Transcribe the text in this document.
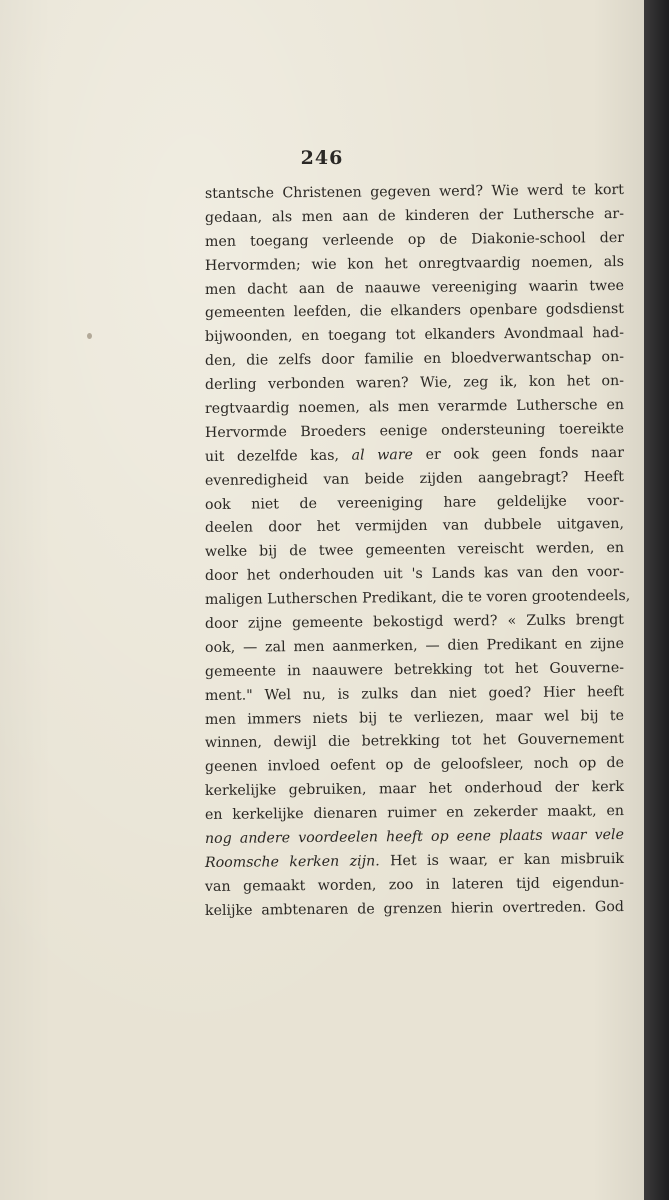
246
stantsche Christenen gegeven werd? Wie werd te kort
gedaan, als men aan de kinderen der Luthersche ar-
men toegang verleende op de Diakonie-school der
Hervormden; wie kon het onregtvaardig noemen, als
men dacht aan de naauwe vereeniging waarin twee
gemeenten leefden, die elkanders openbare godsdienst
bijwoonden, en toegang tot elkanders Avondmaal had-
den, die zelfs door familie en bloedverwantschap on-
derling verbonden waren? Wie, zeg ik, kon het on-
regtvaardig noemen, als men verarmde Luthersche en
Hervormde Broeders eenige ondersteuning toereikte
uit dezelfde kas, al ware er ook geen fonds naar
evenredigheid van beide zijden aangebragt? Heeft
ook niet de vereeniging hare geldelijke voor-
deelen door het vermijden van dubbele uitgaven,
welke bij de twee gemeenten vereischt werden, en
door het onderhouden uit 's Lands kas van den voor-
maligen Lutherschen Predikant, die te voren grootendeels,
door zijne gemeente bekostigd werd? « Zulks brengt
ook, — zal men aanmerken, — dien Predikant en zijne
gemeente in naauwere betrekking tot het Gouverne-
ment." Wel nu, is zulks dan niet goed? Hier heeft
men immers niets bij te verliezen, maar wel bij te
winnen, dewijl die betrekking tot het Gouvernement
geenen invloed oefent op de geloofsleer, noch op de
kerkelijke gebruiken, maar het onderhoud der kerk
en kerkelijke dienaren ruimer en zekerder maakt, en
nog andere voordeelen heeft op eene plaats waar vele
Roomsche kerken zijn. Het is waar, er kan misbruik
van gemaakt worden, zoo in lateren tijd eigendun-
kelijke ambtenaren de grenzen hierin overtreden. God
